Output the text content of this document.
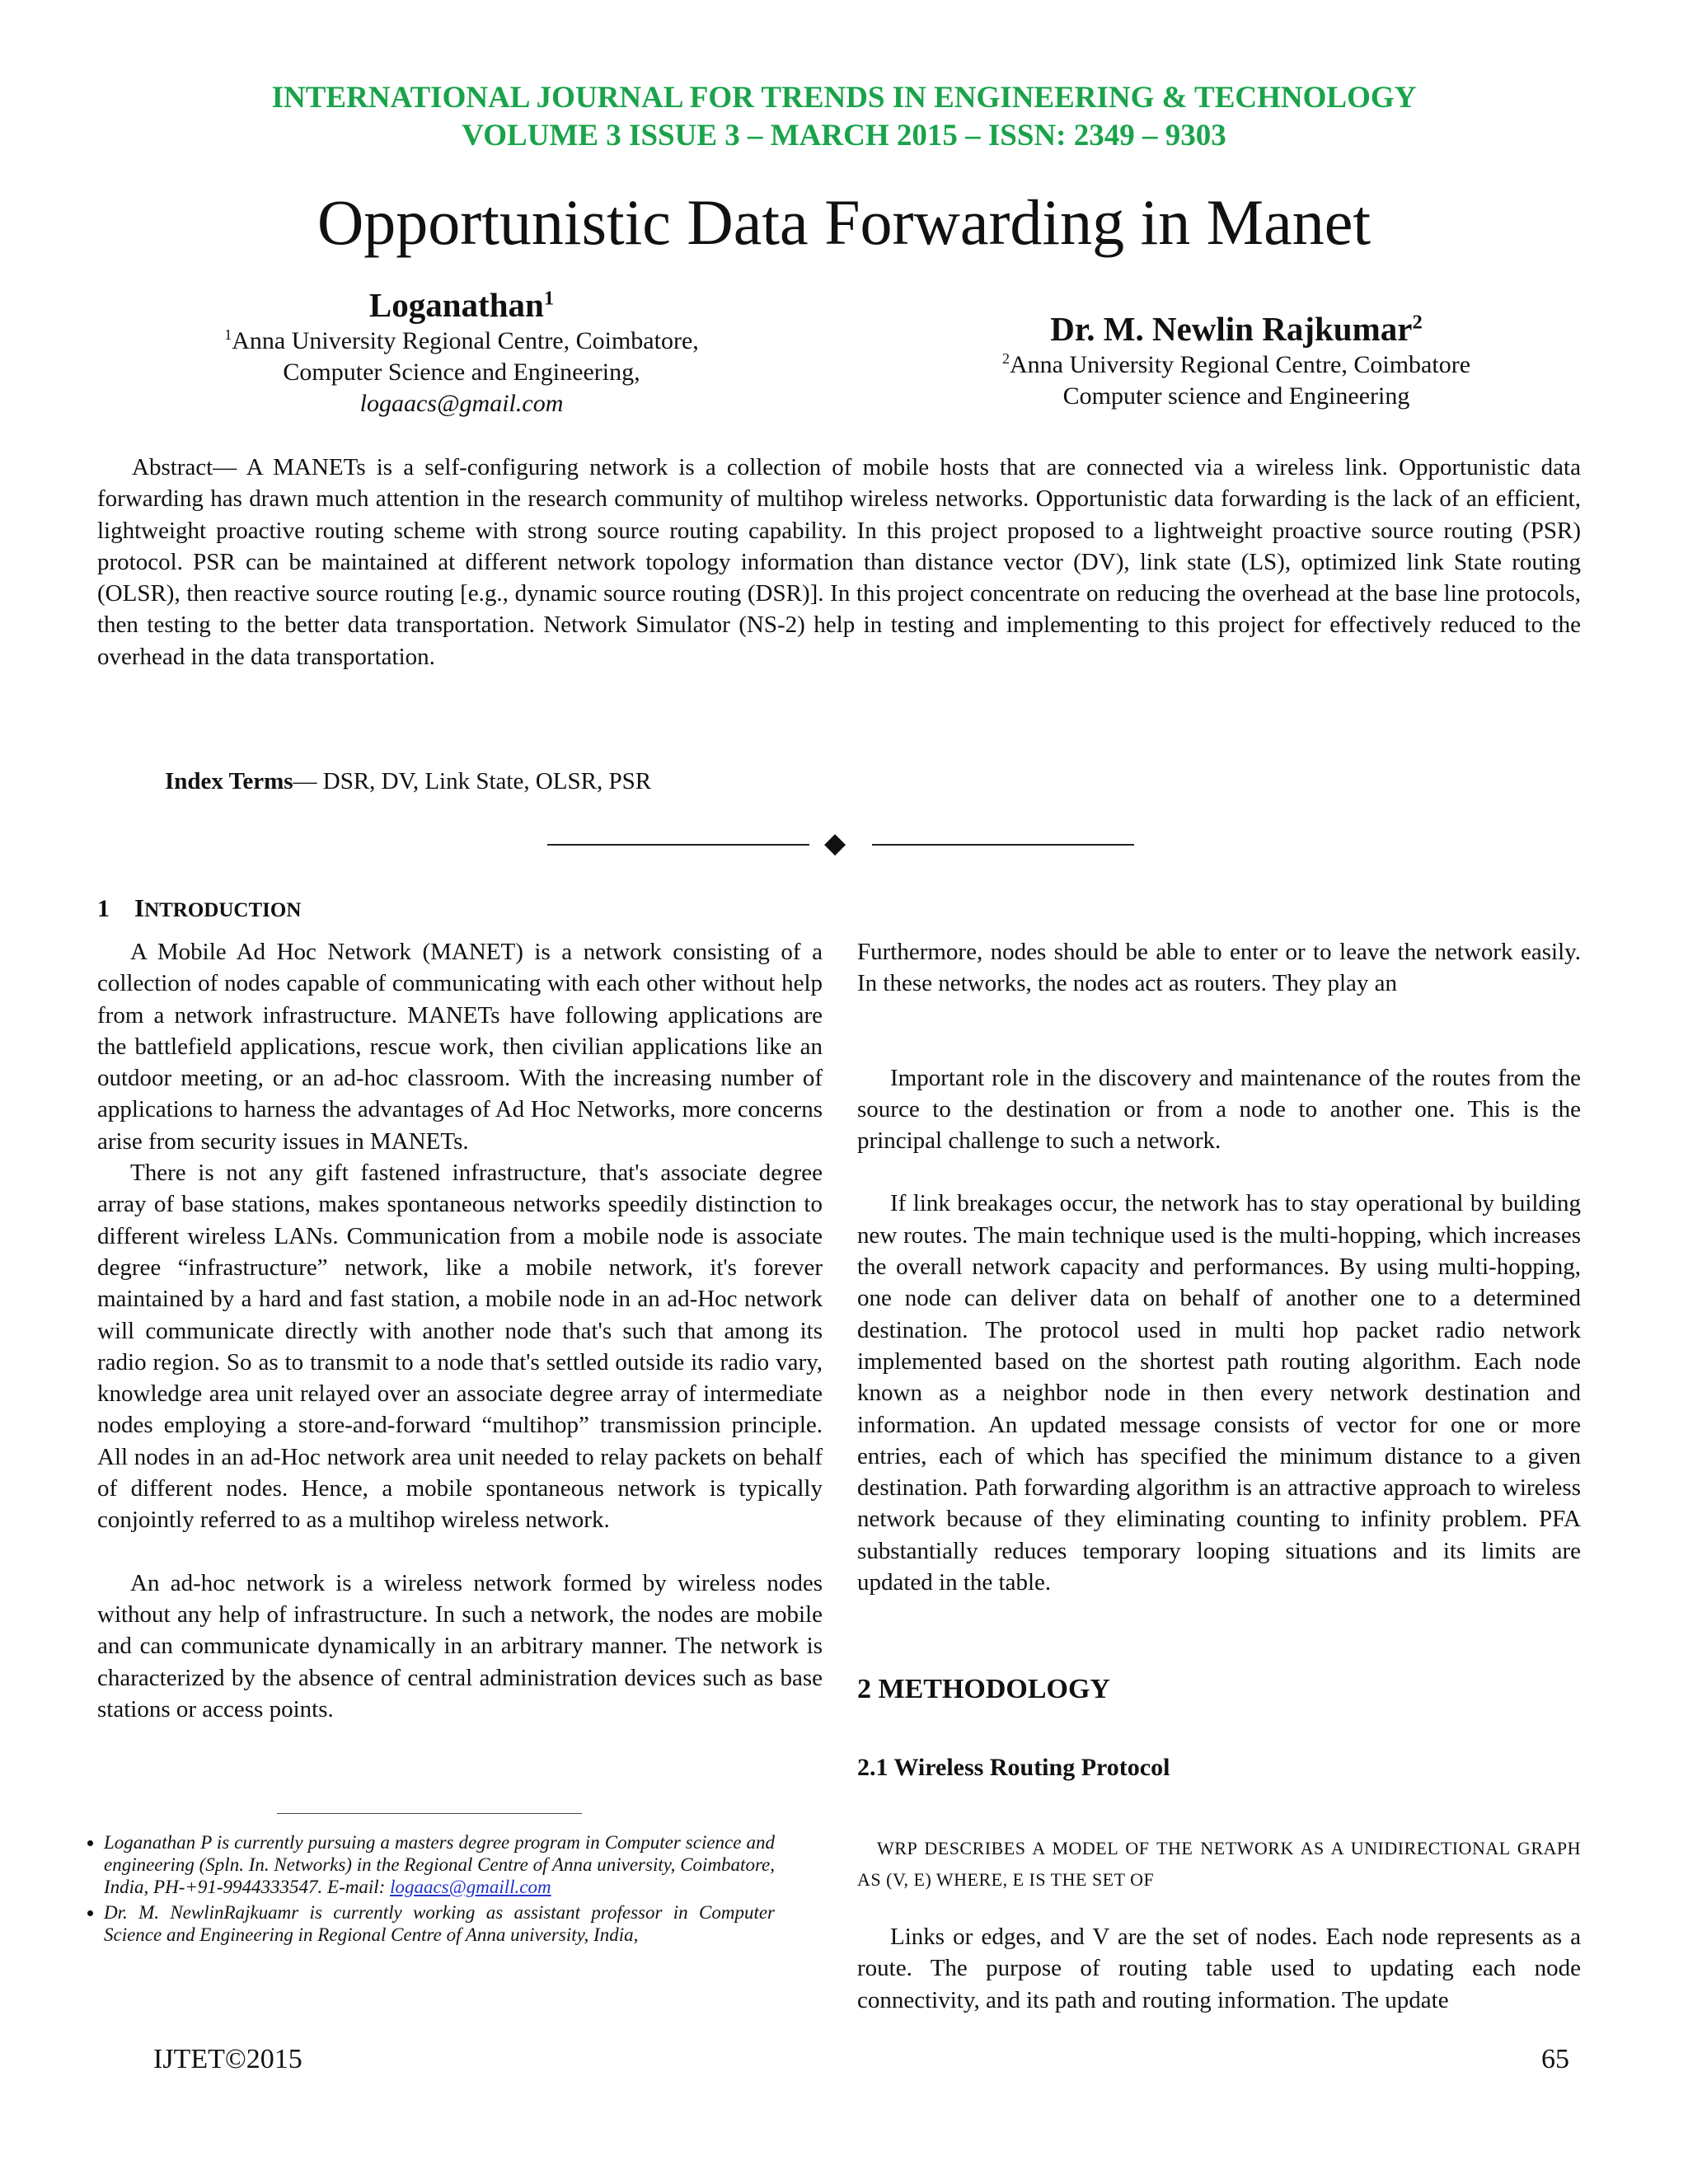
INTERNATIONAL JOURNAL FOR TRENDS IN ENGINEERING & TECHNOLOGY
VOLUME 3 ISSUE 3 – MARCH 2015 – ISSN: 2349 – 9303
Opportunistic Data Forwarding in Manet
Loganathan$^1$
$^1$Anna University Regional Centre, Coimbatore,
Computer Science and Engineering,
logaacs@gmail.com
Dr. M. Newlin Rajkumar$^2$
$^2$Anna University Regional Centre, Coimbatore
Computer science and Engineering
Abstract— A MANETs is a self-configuring network is a collection of mobile hosts that are connected via a wireless link. Opportunistic data forwarding has drawn much attention in the research community of multihop wireless networks. Opportunistic data forwarding is the lack of an efficient, lightweight proactive routing scheme with strong source routing capability. In this project proposed to a lightweight proactive source routing (PSR) protocol. PSR can be maintained at different network topology information than distance vector (DV), link state (LS), optimized link State routing (OLSR), then reactive source routing [e.g., dynamic source routing (DSR)]. In this project concentrate on reducing the overhead at the base line protocols, then testing to the better data transportation. Network Simulator (NS-2) help in testing and implementing to this project for effectively reduced to the overhead in the data transportation.
Index Terms— DSR, DV, Link State, OLSR, PSR
◆
1 INTRODUCTION

A Mobile Ad Hoc Network (MANET) is a network consisting of a collection of nodes capable of communicating with each other without help from a network infrastructure. MANETs have following applications are the battlefield applications, rescue work, then civilian applications like an outdoor meeting, or an ad-hoc classroom. With the increasing number of applications to harness the advantages of Ad Hoc Networks, more concerns arise from security issues in MANETs.

There is not any gift fastened infrastructure, that's associate degree array of base stations, makes spontaneous networks speedily distinction to different wireless LANs. Communication from a mobile node is associate degree “infrastructure” network, like a mobile network, it's forever maintained by a hard and fast station, a mobile node in an ad-Hoc network will communicate directly with another node that's such that among its radio region. So as to transmit to a node that's settled outside its radio vary, knowledge area unit relayed over an associate degree array of intermediate nodes employing a store-and-forward “multihop” transmission principle. All nodes in an ad-Hoc network area unit needed to relay packets on behalf of different nodes. Hence, a mobile spontaneous network is typically conjointly referred to as a multihop wireless network.

An ad-hoc network is a wireless network formed by wireless nodes without any help of infrastructure. In such a network, the nodes are mobile and can communicate dynamically in an arbitrary manner. The network is characterized by the absence of central administration devices such as base stations or access points.

• Loganathan P is currently pursuing a masters degree program in Computer science and engineering (Spln. In. Networks) in the Regional Centre of Anna university, Coimbatore, India, PH-+91-9944333547. E-mail: logaacs@gmaill.com
• Dr. M. NewlinRajkuamr is currently working as assistant professor in Computer Science and Engineering in Regional Centre of Anna university, India,

Furthermore, nodes should be able to enter or to leave the network easily. In these networks, the nodes act as routers. They play an

Important role in the discovery and maintenance of the routes from the source to the destination or from a node to another one. This is the principal challenge to such a network.

If link breakages occur, the network has to stay operational by building new routes. The main technique used is the multi-hopping, which increases the overall network capacity and performances. By using multi-hopping, one node can deliver data on behalf of another one to a determined destination. The protocol used in multi hop packet radio network implemented based on the shortest path routing algorithm. Each node known as a neighbor node in then every network destination and information. An updated message consists of vector for one or more entries, each of which has specified the minimum distance to a given destination. Path forwarding algorithm is an attractive approach to wireless network because of they eliminating counting to infinity problem. PFA substantially reduces temporary looping situations and its limits are updated in the table.

2 METHODOLOGY
2.1 Wireless Routing Protocol
WRP DESCRIBES A MODEL OF THE NETWORK AS A UNIDIRECTIONAL GRAPH AS (V, E) WHERE, E IS THE SET OF

Links or edges, and V are the set of nodes. Each node represents as a route. The purpose of routing table used to updating each node connectivity, and its path and routing information. The update

IJTET©2015	65
